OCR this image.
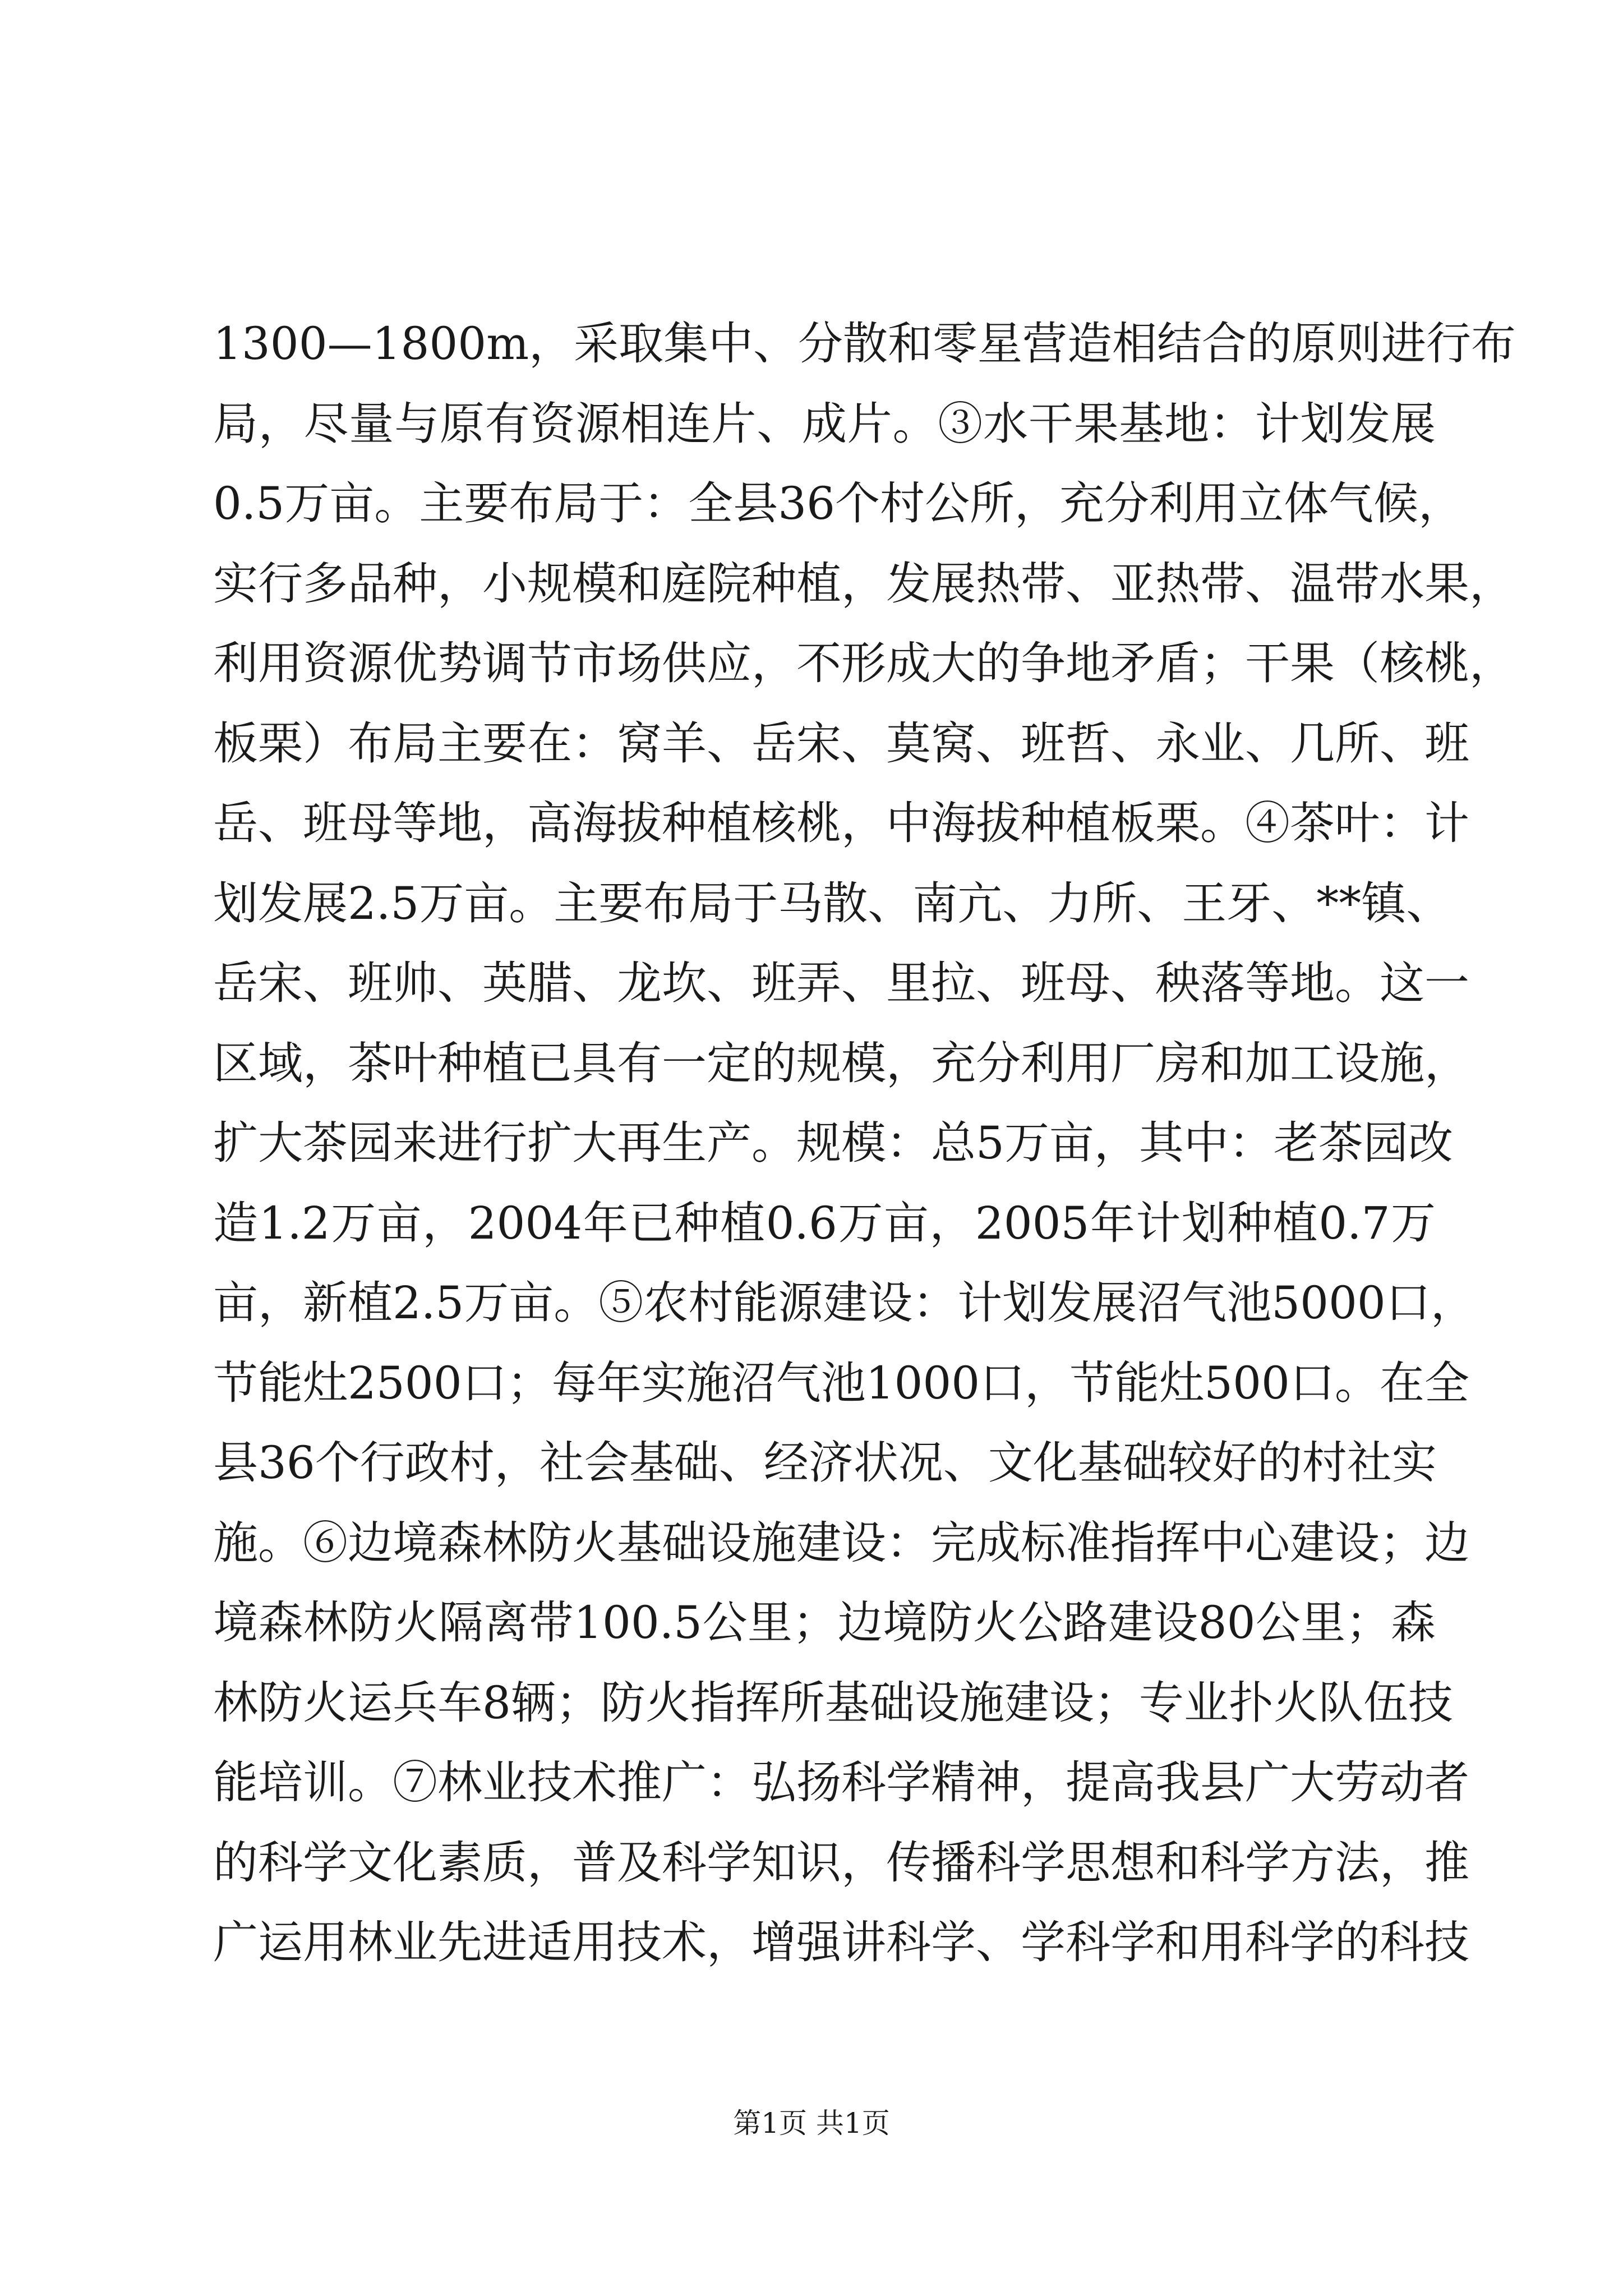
1300—1800m，采取集中、分散和零星营造相结合的原则进行布
局，尽量与原有资源相连片、成片。③水干果基地：计划发展
0.5万亩。主要布局于：全县36个村公所，充分利用立体气候，
实行多品种，小规模和庭院种植，发展热带、亚热带、温带水果，
利用资源优势调节市场供应，不形成大的争地矛盾；干果（核桃，
板栗）布局主要在：窝羊、岳宋、莫窝、班哲、永业、几所、班
岳、班母等地，高海拔种植核桃，中海拔种植板栗。④茶叶：计
划发展2.5万亩。主要布局于马散、南亢、力所、王牙、**镇、
岳宋、班帅、英腊、龙坎、班弄、里拉、班母、秧落等地。这一
区域，茶叶种植已具有一定的规模，充分利用厂房和加工设施，
扩大茶园来进行扩大再生产。规模：总5万亩，其中：老茶园改
造1.2万亩，2004年已种植0.6万亩，2005年计划种植0.7万
亩，新植2.5万亩。⑤农村能源建设：计划发展沼气池5000口，
节能灶2500口；每年实施沼气池1000口，节能灶500口。在全
县36个行政村，社会基础、经济状况、文化基础较好的村社实
施。⑥边境森林防火基础设施建设：完成标准指挥中心建设；边
境森林防火隔离带100.5公里；边境防火公路建设80公里；森
林防火运兵车8辆；防火指挥所基础设施建设；专业扑火队伍技
能培训。⑦林业技术推广：弘扬科学精神，提高我县广大劳动者
的科学文化素质，普及科学知识，传播科学思想和科学方法，推
广运用林业先进适用技术，增强讲科学、学科学和用科学的科技
第1页 共1页
